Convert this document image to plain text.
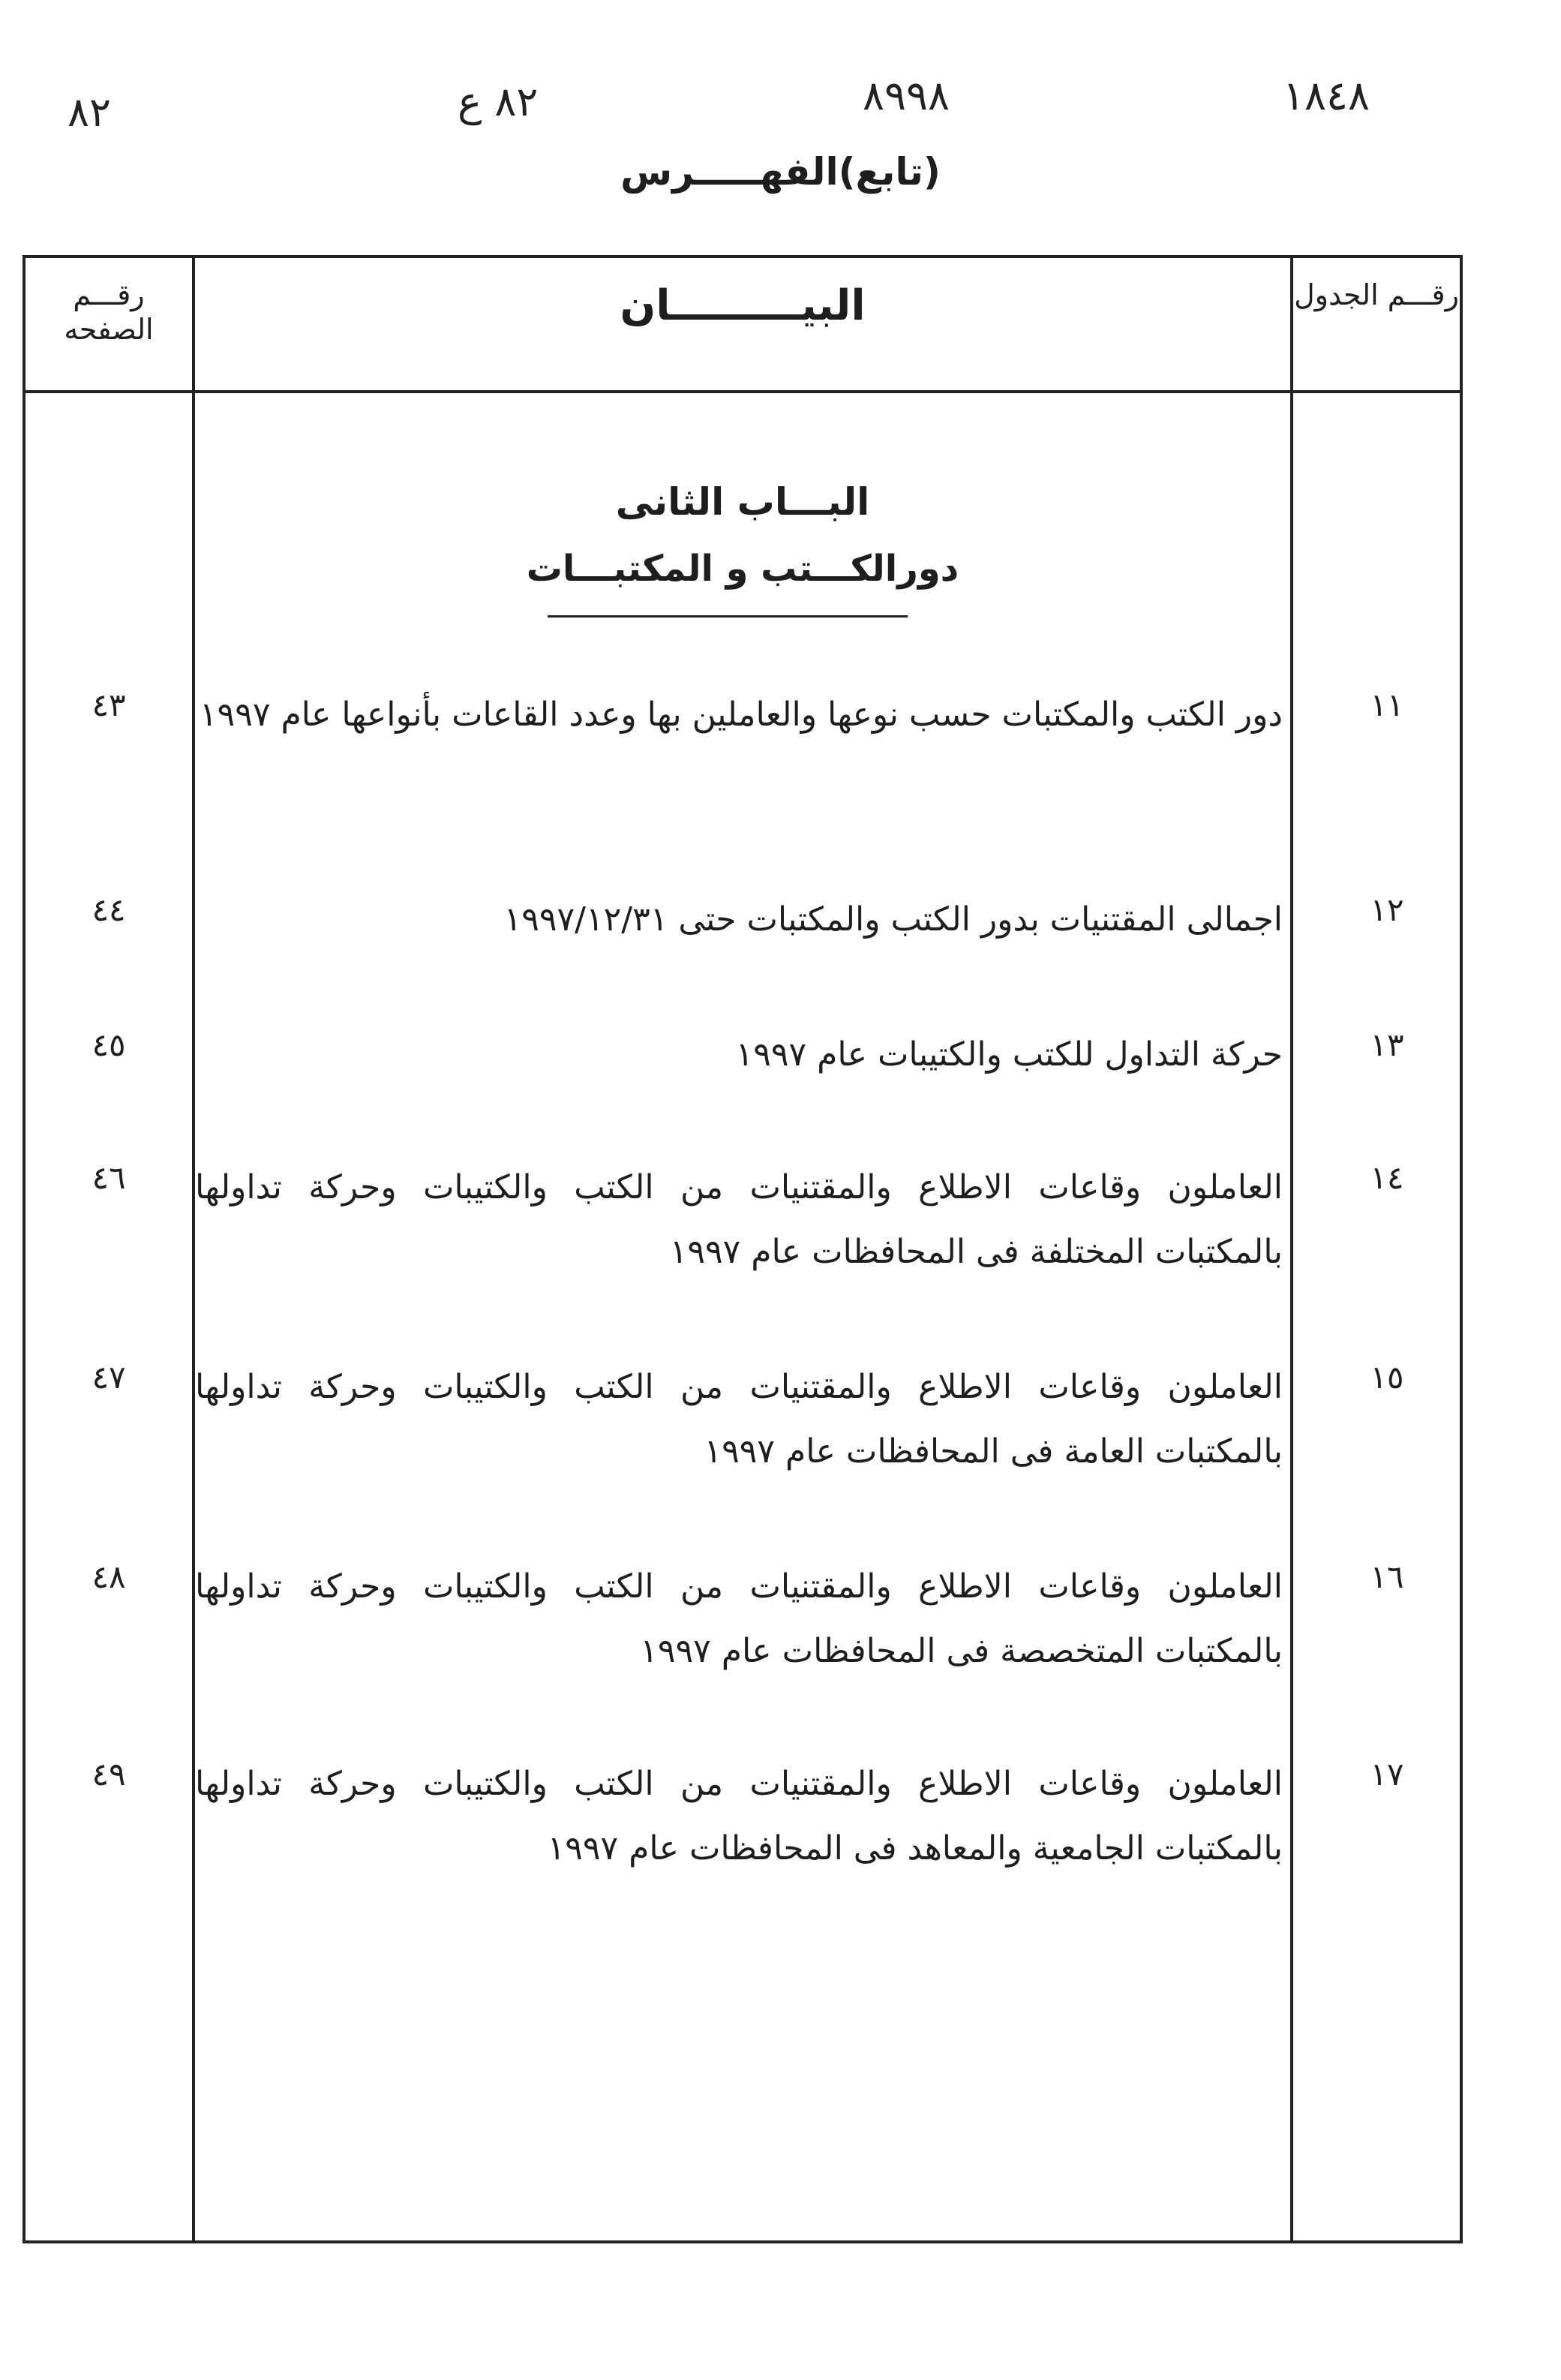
١٨٤٨
٨٩٩٨
٨٢ ع
٨٢
(تابع)الفهـــــرس
رقـــم الجدول
البيـــــــــان
رقـــم الصفحه
البـــاب الثانى
دورالكـــتب و المكتبـــات
١١
دور الكتب والمكتبات حسب نوعها والعاملين بها وعدد القاعات بأنواعها عام ١٩٩٧
٤٣
١٢
اجمالى المقتنيات بدور الكتب والمكتبات حتى ١٩٩٧/١٢/٣١
٤٤
١٣
حركة التداول للكتب والكتيبات عام ١٩٩٧
٤٥
١٤
العاملون وقاعات الاطلاع والمقتنيات من الكتب والكتيبات وحركة تداولها بالمكتبات المختلفة فى المحافظات عام ١٩٩٧
٤٦
١٥
العاملون وقاعات الاطلاع والمقتنيات من الكتب والكتيبات وحركة تداولها بالمكتبات العامة فى المحافظات عام ١٩٩٧
٤٧
١٦
العاملون وقاعات الاطلاع والمقتنيات من الكتب والكتيبات وحركة تداولها بالمكتبات المتخصصة فى المحافظات عام ١٩٩٧
٤٨
١٧
العاملون وقاعات الاطلاع والمقتنيات من الكتب والكتيبات وحركة تداولها بالمكتبات الجامعية والمعاهد فى المحافظات عام ١٩٩٧
٤٩
